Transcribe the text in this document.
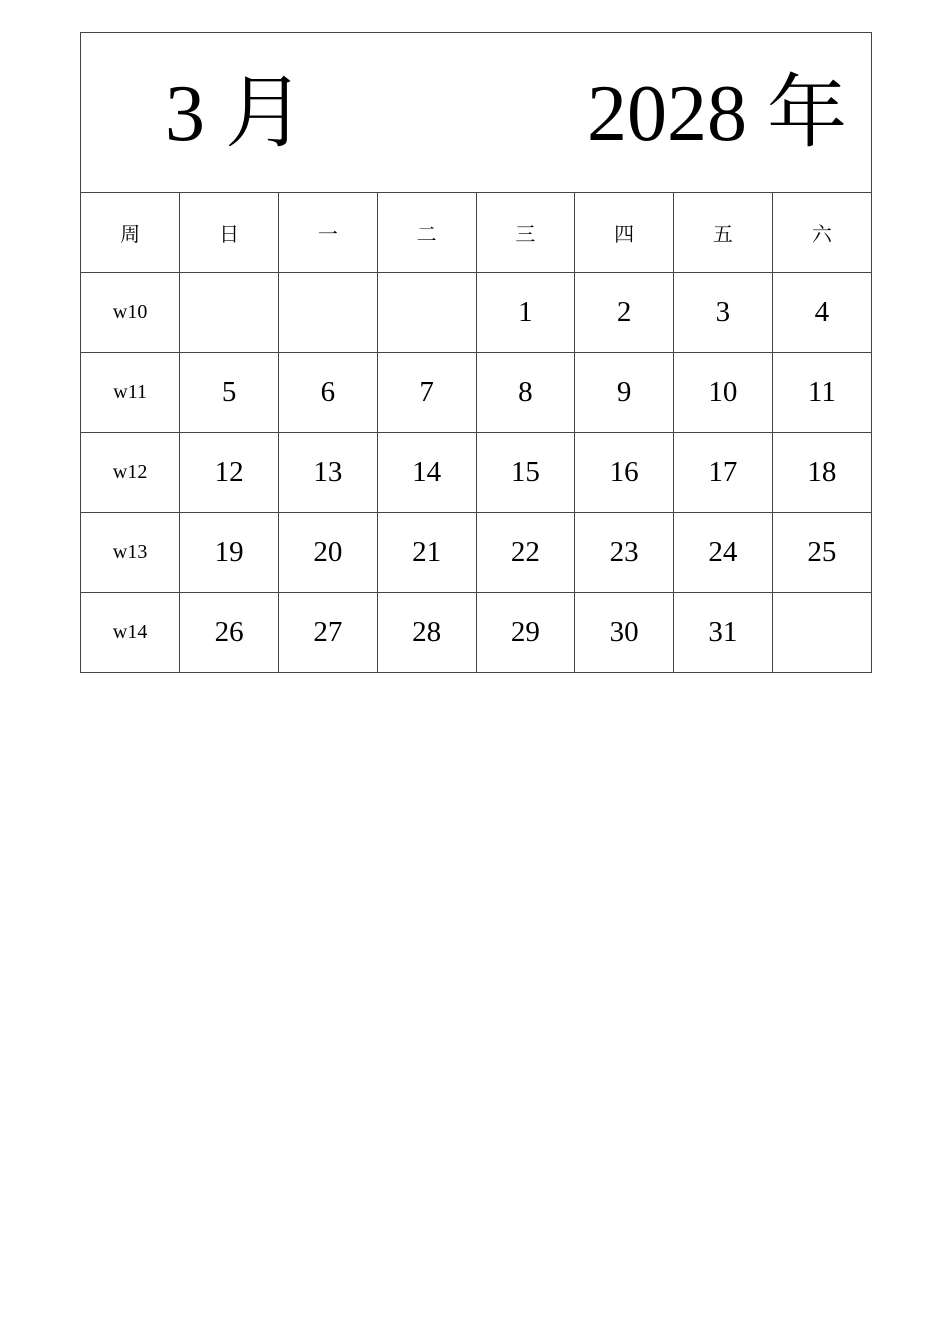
3 月	2028 年
周	日	一	二	三	四	五	六
w10				1	2	3	4
w11	5	6	7	8	9	10	11
w12	12	13	14	15	16	17	18
w13	19	20	21	22	23	24	25
w14	26	27	28	29	30	31	
